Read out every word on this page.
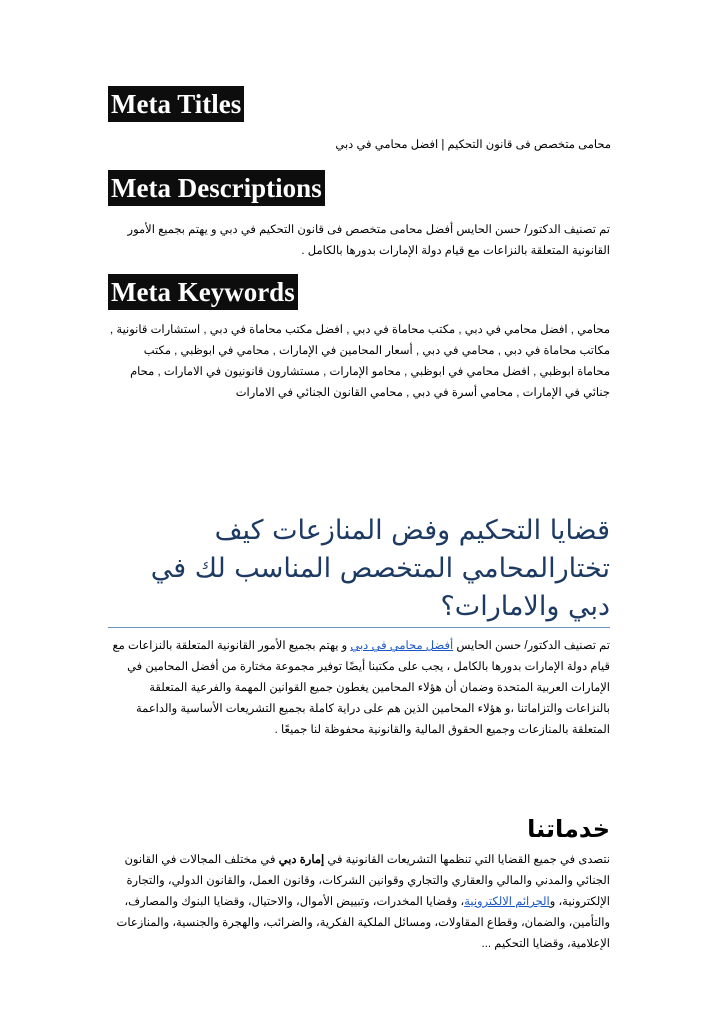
Meta Titles
محامى متخصص فى قانون التحكيم | افضل محامي في دبي
Meta Descriptions
تم تصنيف الدكتور/ حسن الحايس أفضل محامى متخصص فى قانون التحكيم في دبي و يهتم بجميع الأمور القانونية المتعلقة بالنزاعات مع قيام دولة الإمارات بدورها بالكامل .
Meta Keywords
محامي , افضل محامي في دبي , مكتب محاماة في دبي , افضل مكتب محاماة في دبي , استشارات قانونية , مكاتب محاماة في دبي , محامي في دبي , أسعار المحامين في الإمارات , محامي في ابوظبي , مكتب محاماة ابوظبي , افضل محامي في ابوظبي , محامو الإمارات , مستشارون قانونيون في الامارات , محام جنائي في الإمارات , محامي أسرة في دبي , محامي القانون الجنائي في الامارات
قضايا التحكيم وفض المنازعات كيف تختارالمحامي المتخصص المناسب لك في دبي والامارات؟
تم تصنيف الدكتور/ حسن الحايس أفضل محامي في دبي و يهتم بجميع الأمور القانونية المتعلقة بالنزاعات مع قيام دولة الإمارات بدورها بالكامل ، يجب على مكتبنا أيضًا توفير مجموعة مختارة من أفضل المحامين في الإمارات العربية المتحدة وضمان أن هؤلاء المحامين يغطون جميع القوانين المهمة والفرعية المتعلقة بالنزاعات والتزاماتنا ،و هؤلاء المحامين الذين هم على دراية كاملة بجميع التشريعات الأساسية والداعمة المتعلقة بالمنازعات وجميع الحقوق المالية والقانونية محفوظة لنا جميعًا .
خدماتنا
نتصدى في جميع القضايا التي تنظمها التشريعات القانونية في إمارة دبي في مختلف المجالات في القانون الجنائي والمدني والمالي والعقاري والتجاري وقوانين الشركات، وقانون العمل، والقانون الدولي، والتجارة الإلكترونية، والجرائم الالكترونية، وقضايا المخدرات، وتبييض الأموال، والاحتيال، وقضايا البنوك والمصارف، والتأمين، والضمان، وقطاع المقاولات، ومسائل الملكية الفكرية، والضرائب، والهجرة والجنسية، والمنازعات الإعلامية، وقضايا التحكيم ...
